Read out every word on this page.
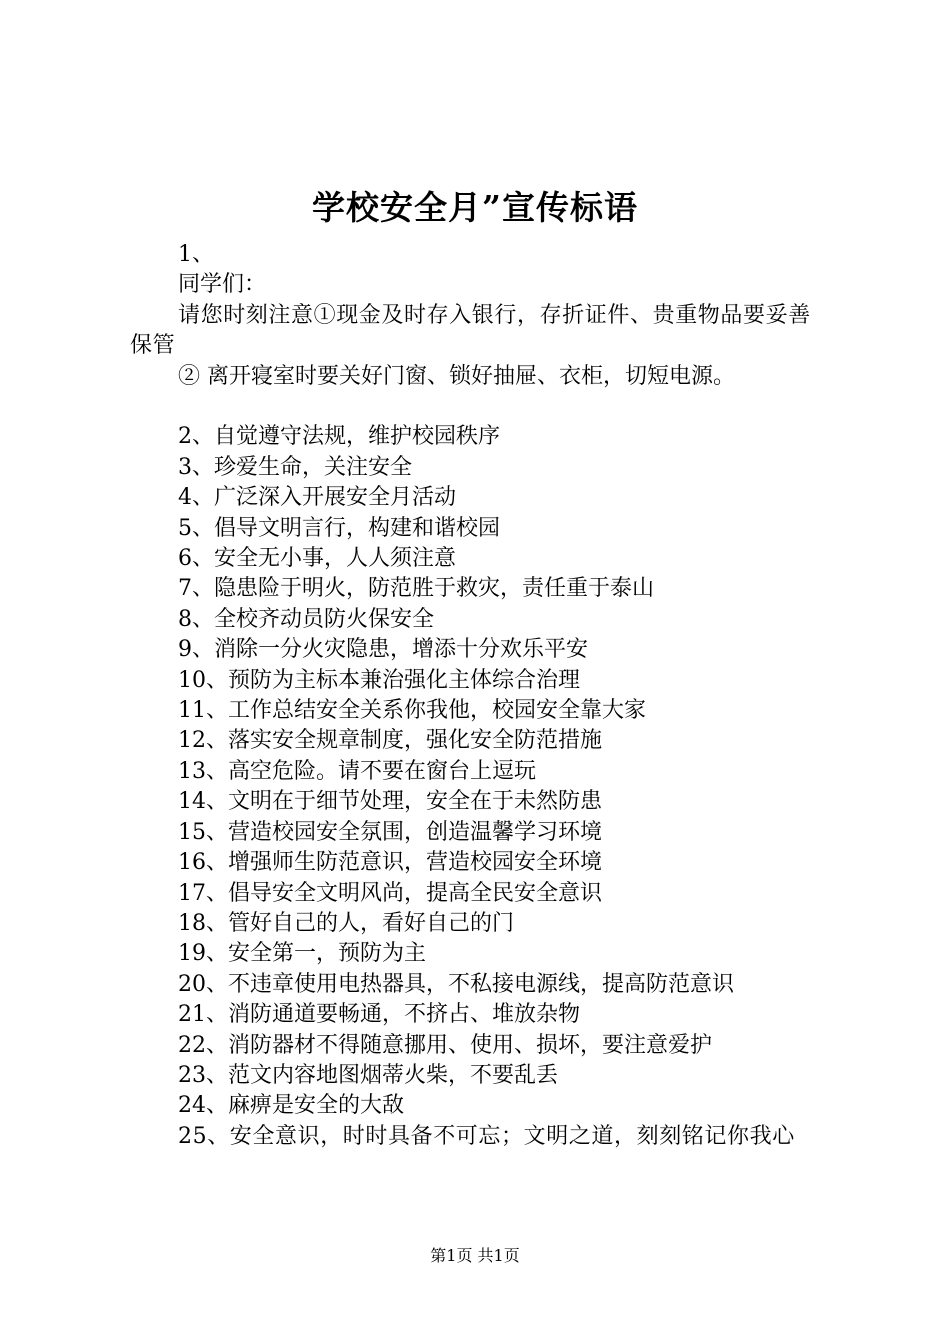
学校安全月”宣传标语

1、

同学们：

请您时刻注意①现金及时存入银行，存折证件、贵重物品要妥善保管

② 离开寝室时要关好门窗、锁好抽屉、衣柜，切短电源。

2、自觉遵守法规，维护校园秩序

3、珍爱生命，关注安全

4、广泛深入开展安全月活动

5、倡导文明言行，构建和谐校园

6、安全无小事，人人须注意

7、隐患险于明火，防范胜于救灾，责任重于泰山

8、全校齐动员防火保安全

9、消除一分火灾隐患，增添十分欢乐平安

10、预防为主标本兼治强化主体综合治理

11、工作总结安全关系你我他，校园安全靠大家

12、落实安全规章制度，强化安全防范措施

13、高空危险。请不要在窗台上逗玩

14、文明在于细节处理，安全在于未然防患

15、营造校园安全氛围，创造温馨学习环境

16、增强师生防范意识，营造校园安全环境

17、倡导安全文明风尚，提高全民安全意识

18、管好自己的人，看好自己的门

19、安全第一，预防为主

20、不违章使用电热器具，不私接电源线，提高防范意识

21、消防通道要畅通，不挤占、堆放杂物

22、消防器材不得随意挪用、使用、损坏，要注意爱护

23、范文内容地图烟蒂火柴，不要乱丢

24、麻痹是安全的大敌

25、安全意识，时时具备不可忘；文明之道，刻刻铭记你我心

第1页 共1页
